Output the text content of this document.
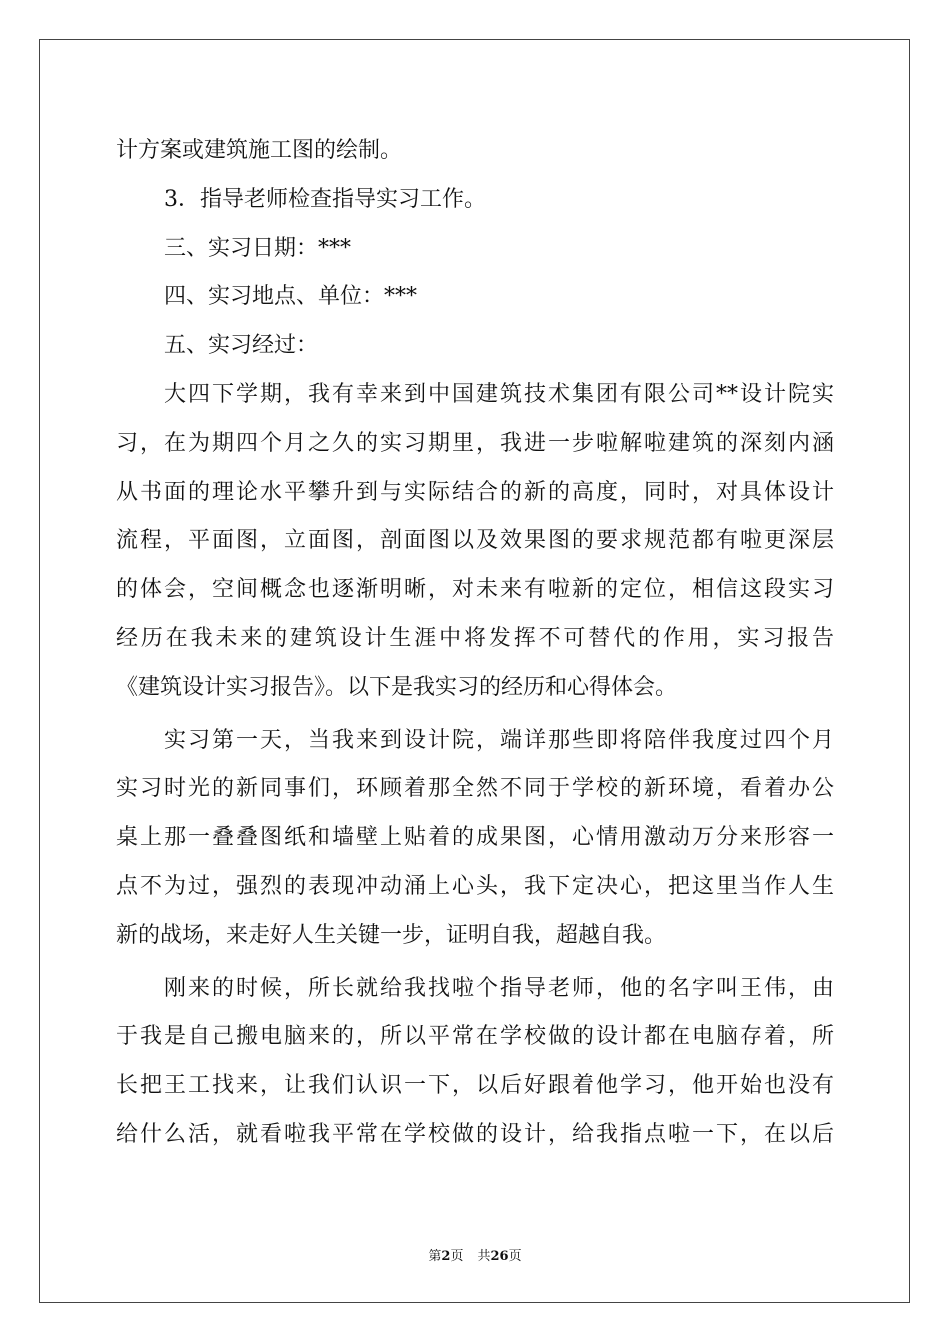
计方案或建筑施工图的绘制。
3．指导老师检查指导实习工作。
三、实习日期：***
四、实习地点、单位：***
五、实习经过：
大四下学期，我有幸来到中国建筑技术集团有限公司**设计院实
习，在为期四个月之久的实习期里，我进一步啦解啦建筑的深刻内涵
从书面的理论水平攀升到与实际结合的新的高度，同时，对具体设计
流程，平面图，立面图，剖面图以及效果图的要求规范都有啦更深层
的体会，空间概念也逐渐明晰，对未来有啦新的定位，相信这段实习
经历在我未来的建筑设计生涯中将发挥不可替代的作用，实习报告
《建筑设计实习报告》。以下是我实习的经历和心得体会。
实习第一天，当我来到设计院，端详那些即将陪伴我度过四个月
实习时光的新同事们，环顾着那全然不同于学校的新环境，看着办公
桌上那一叠叠图纸和墙壁上贴着的成果图，心情用激动万分来形容一
点不为过，强烈的表现冲动涌上心头，我下定决心，把这里当作人生
新的战场，来走好人生关键一步，证明自我，超越自我。
刚来的时候，所长就给我找啦个指导老师，他的名字叫王伟，由
于我是自己搬电脑来的，所以平常在学校做的设计都在电脑存着，所
长把王工找来，让我们认识一下，以后好跟着他学习，他开始也没有
给什么活，就看啦我平常在学校做的设计，给我指点啦一下，在以后
第2页 共26页
